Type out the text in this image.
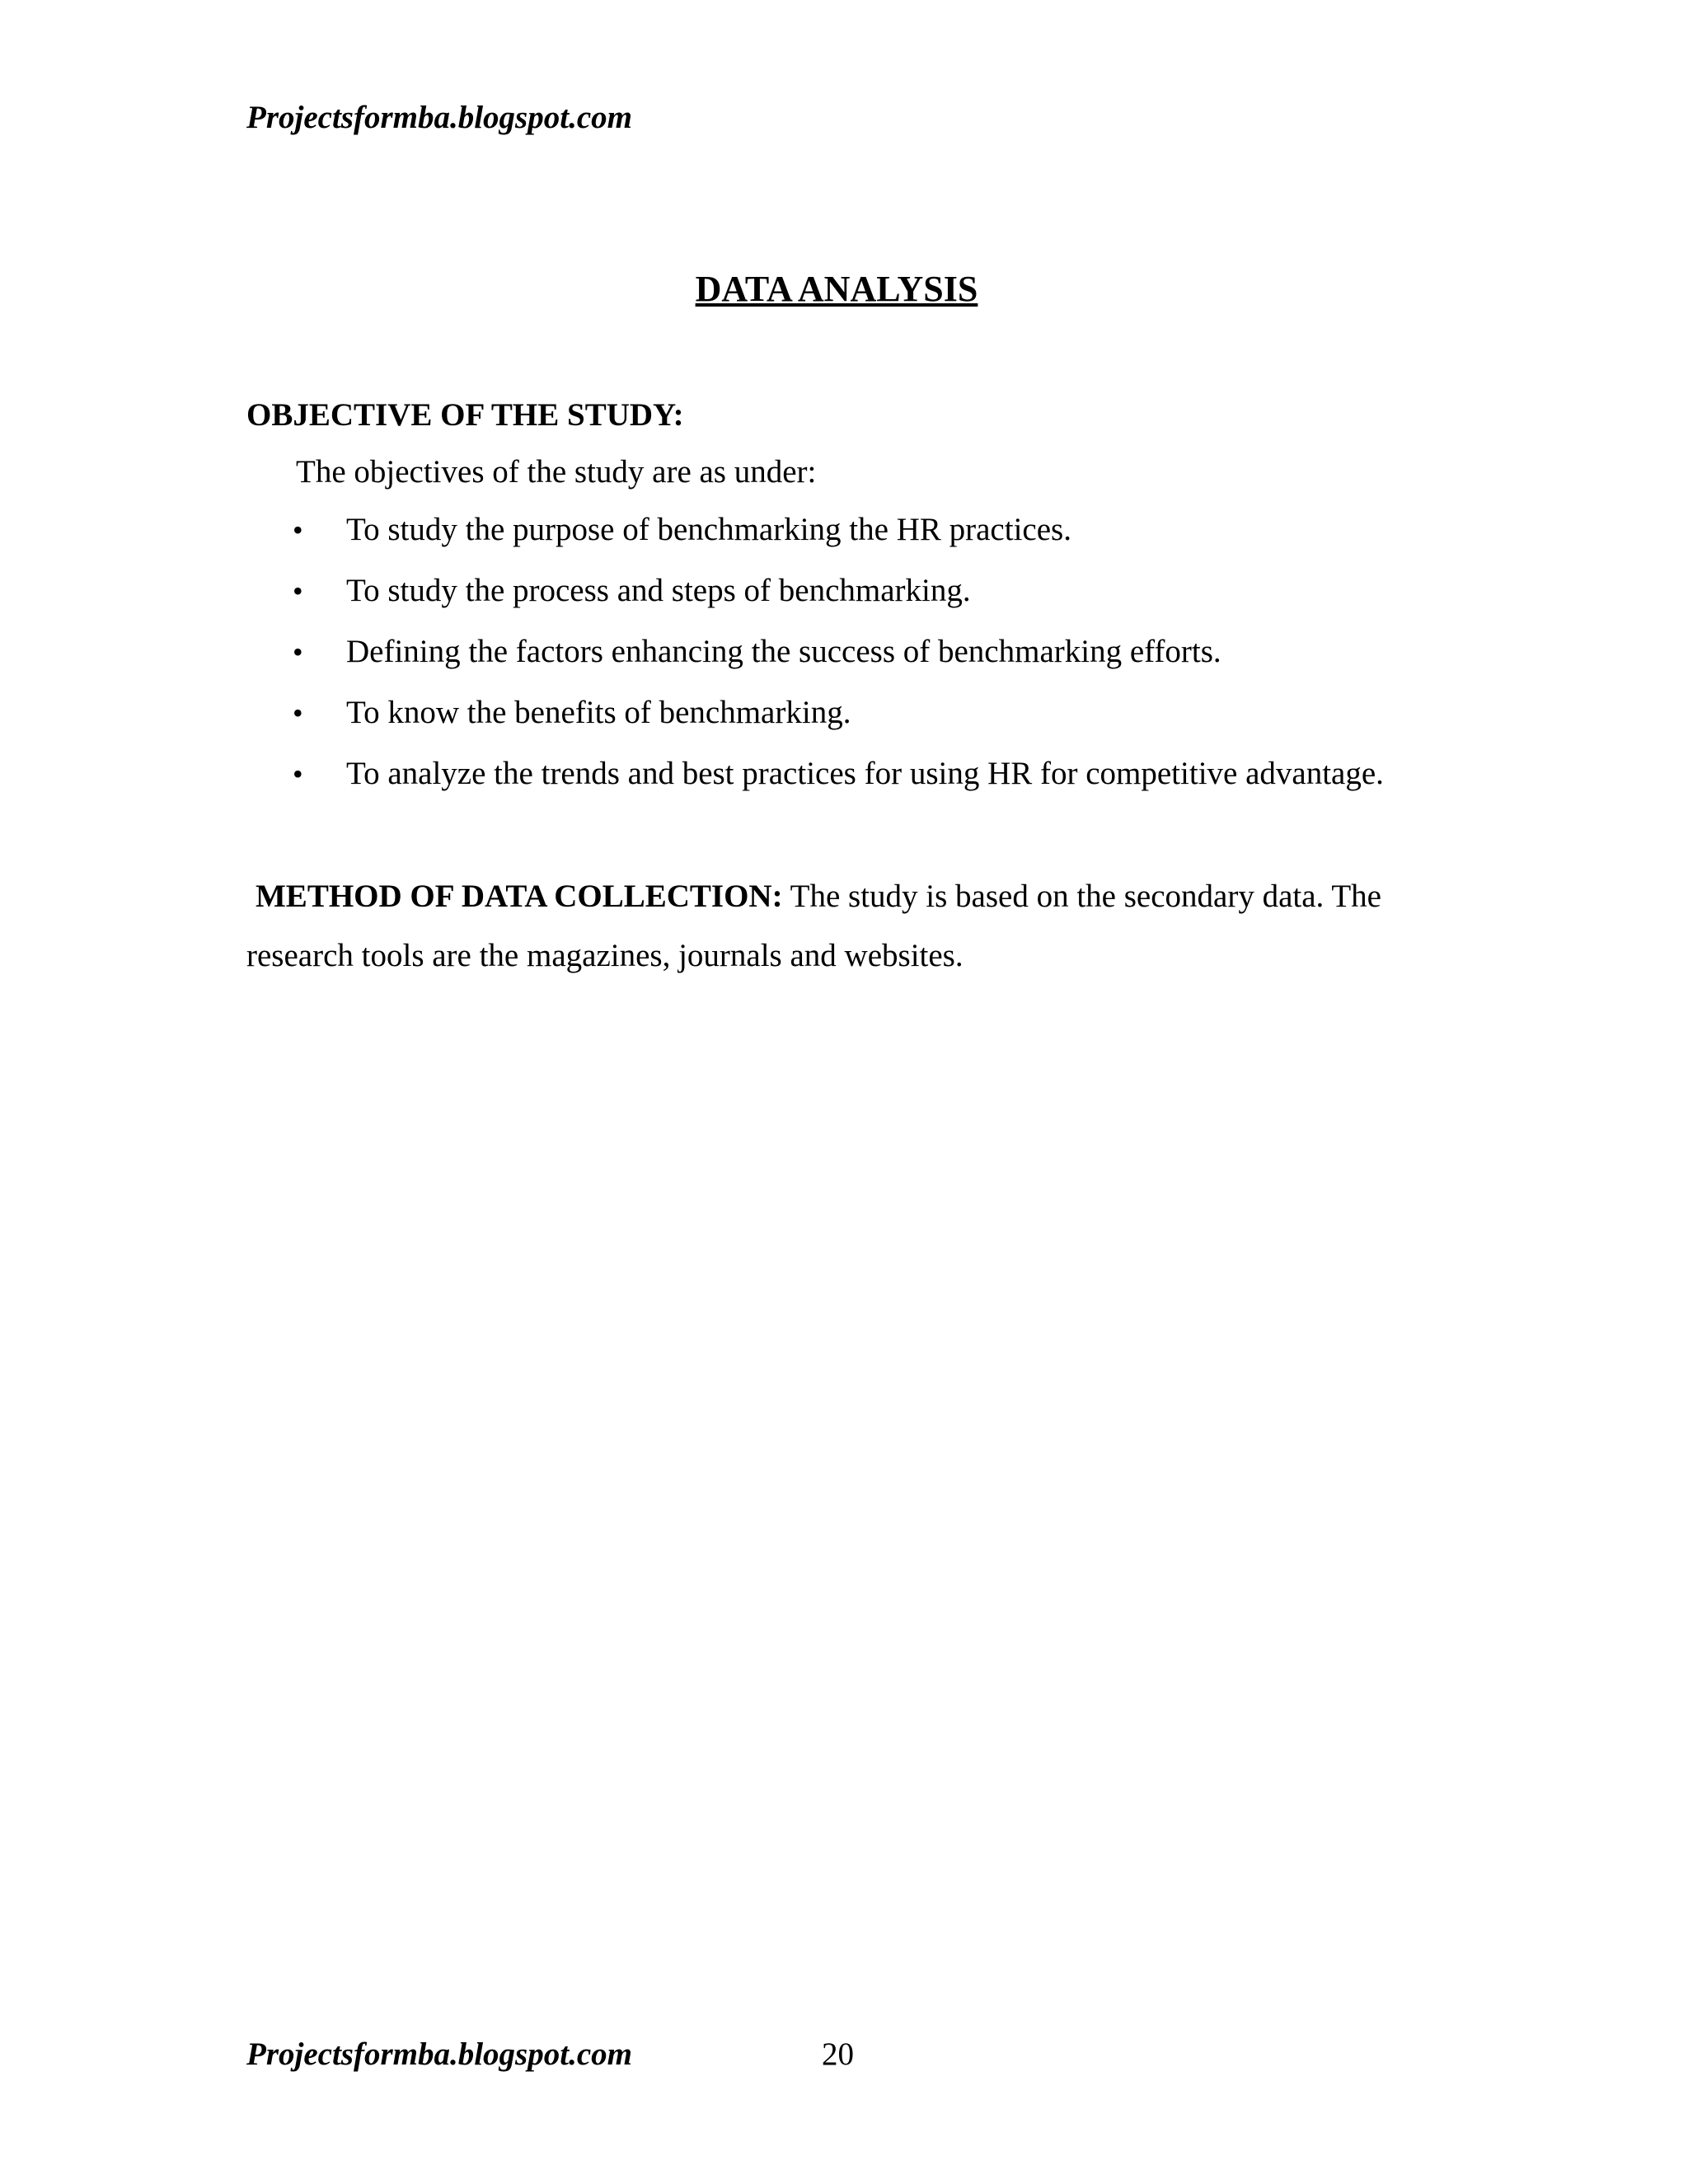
Projectsformba.blogspot.com
DATA ANALYSIS
OBJECTIVE OF THE STUDY:
The objectives of the study are as under:
•	To study the purpose of benchmarking the HR practices.
•	To study the process and steps of benchmarking.
•	Defining the factors enhancing the success of benchmarking efforts.
•	To know the benefits of benchmarking.
•	To analyze the trends and best practices for using HR for competitive advantage.
METHOD OF DATA COLLECTION: The study is based on the secondary data. The research tools are the magazines, journals and websites.
Projectsformba.blogspot.com	20
